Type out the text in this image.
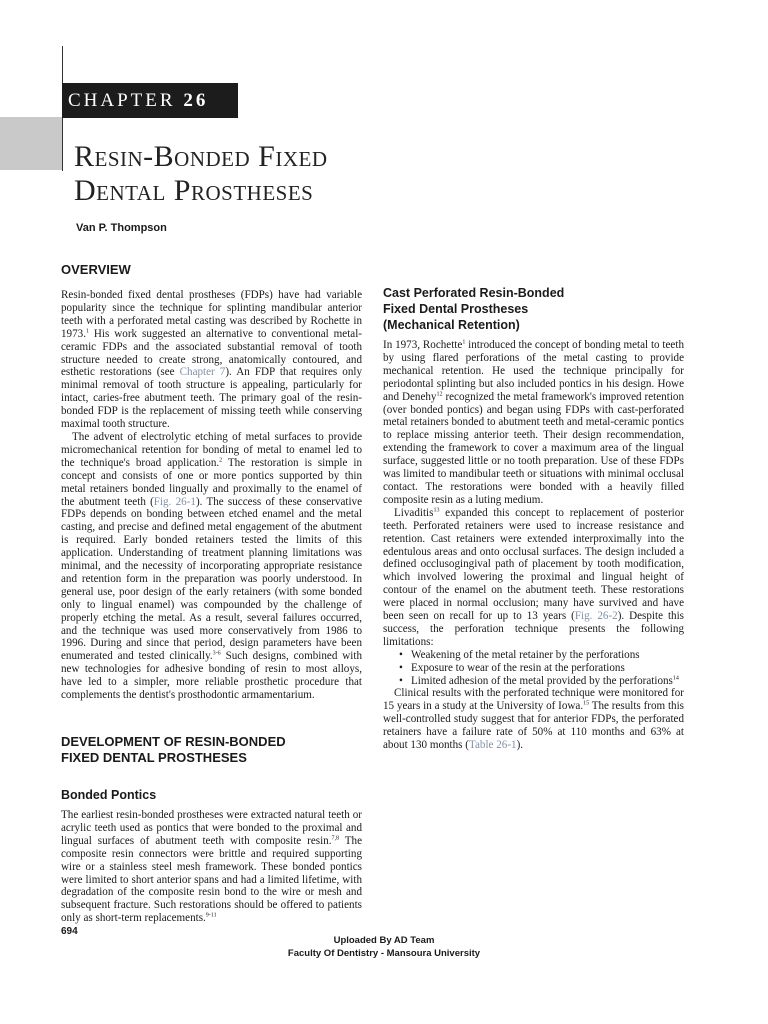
CHAPTER 26
Resin-Bonded Fixed
Dental Prostheses
Van P. Thompson
OVERVIEW

Resin-bonded fixed dental prostheses (FDPs) have had variable popularity since the technique for splinting mandibular anterior teeth with a perforated metal casting was described by Rochette in 1973.$^1$ His work suggested an alternative to conventional metal-ceramic FDPs and the associated substantial removal of tooth structure needed to create strong, anatomically contoured, and esthetic restorations (see Chapter 7). An FDP that requires only minimal removal of tooth structure is appealing, particularly for intact, caries-free abutment teeth. The primary goal of the resin-bonded FDP is the replacement of missing teeth while conserving maximal tooth structure.

The advent of electrolytic etching of metal surfaces to provide micromechanical retention for bonding of metal to enamel led to the technique's broad application.$^2$ The restoration is simple in concept and consists of one or more pontics supported by thin metal retainers bonded lingually and proximally to the enamel of the abutment teeth (Fig. 26-1). The success of these conservative FDPs depends on bonding between etched enamel and the metal casting, and precise and defined metal engagement of the abutment is required. Early bonded retainers tested the limits of this application. Understanding of treatment planning limitations was minimal, and the necessity of incorporating appropriate resistance and retention form in the preparation was poorly understood. In general use, poor design of the early retainers (with some bonded only to lingual enamel) was compounded by the challenge of properly etching the metal. As a result, several failures occurred, and the technique was used more conservatively from 1986 to 1996. During and since that period, design parameters have been enumerated and tested clinically.$^{3-6}$ Such designs, combined with new technologies for adhesive bonding of resin to most alloys, have led to a simpler, more reliable prosthetic procedure that complements the dentist's prosthodontic armamentarium.

DEVELOPMENT OF RESIN-BONDED
FIXED DENTAL PROSTHESES
Bonded Pontics

The earliest resin-bonded prostheses were extracted natural teeth or acrylic teeth used as pontics that were bonded to the proximal and lingual surfaces of abutment teeth with composite resin.$^{7,8}$ The composite resin connectors were brittle and required supporting wire or a stainless steel mesh framework. These bonded pontics were limited to short anterior spans and had a limited lifetime, with degradation of the composite resin bond to the wire or mesh and subsequent fracture. Such restorations should be offered to patients only as short-term replacements.$^{9-11}$

Cast Perforated Resin-Bonded
Fixed Dental Prostheses
(Mechanical Retention)

In 1973, Rochette$^1$ introduced the concept of bonding metal to teeth by using flared perforations of the metal casting to provide mechanical retention. He used the technique principally for periodontal splinting but also included pontics in his design. Howe and Denehy$^{12}$ recognized the metal framework's improved retention (over bonded pontics) and began using FDPs with cast-perforated metal retainers bonded to abutment teeth and metal-ceramic pontics to replace missing anterior teeth. Their design recommendation, extending the framework to cover a maximum area of the lingual surface, suggested little or no tooth preparation. Use of these FDPs was limited to mandibular teeth or situations with minimal occlusal contact. The restorations were bonded with a heavily filled composite resin as a luting medium.

Livaditis$^{13}$ expanded this concept to replacement of posterior teeth. Perforated retainers were used to increase resistance and retention. Cast retainers were extended interproximally into the edentulous areas and onto occlusal surfaces. The design included a defined occlusogingival path of placement by tooth modification, which involved lowering the proximal and lingual height of contour of the enamel on the abutment teeth. These restorations were placed in normal occlusion; many have survived and have been seen on recall for up to 13 years (Fig. 26-2). Despite this success, the perforation technique presents the following limitations:

• Weakening of the metal retainer by the perforations
• Exposure to wear of the resin at the perforations
• Limited adhesion of the metal provided by the perforations$^{14}$

Clinical results with the perforated technique were monitored for 15 years in a study at the University of Iowa.$^{15}$ The results from this well-controlled study suggest that for anterior FDPs, the perforated retainers have a failure rate of 50% at 110 months and 63% at about 130 months (Table 26-1).

694
Uploaded By AD Team
Faculty Of Dentistry - Mansoura University
